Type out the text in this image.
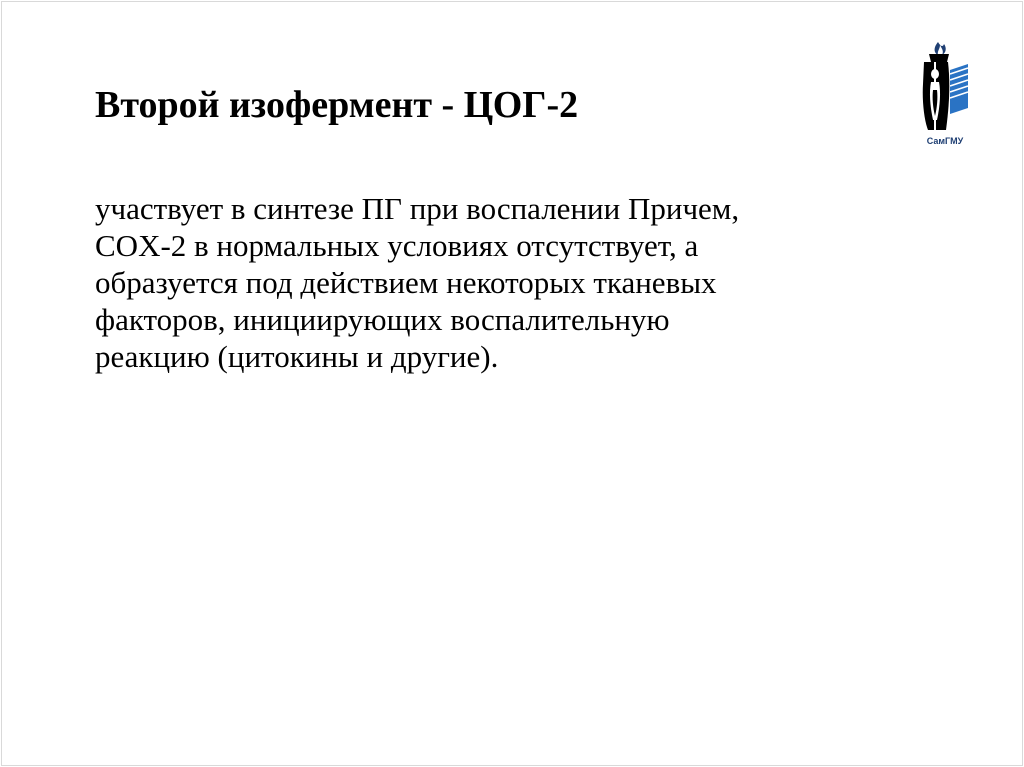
Второй изофермент - ЦОГ-2
участвует в синтезе ПГ при воспалении Причем,
COX-2 в нормальных условиях отсутствует, а
образуется под действием некоторых тканевых
факторов, инициирующих воспалительную
реакцию (цитокины и другие).
СамГМУ
